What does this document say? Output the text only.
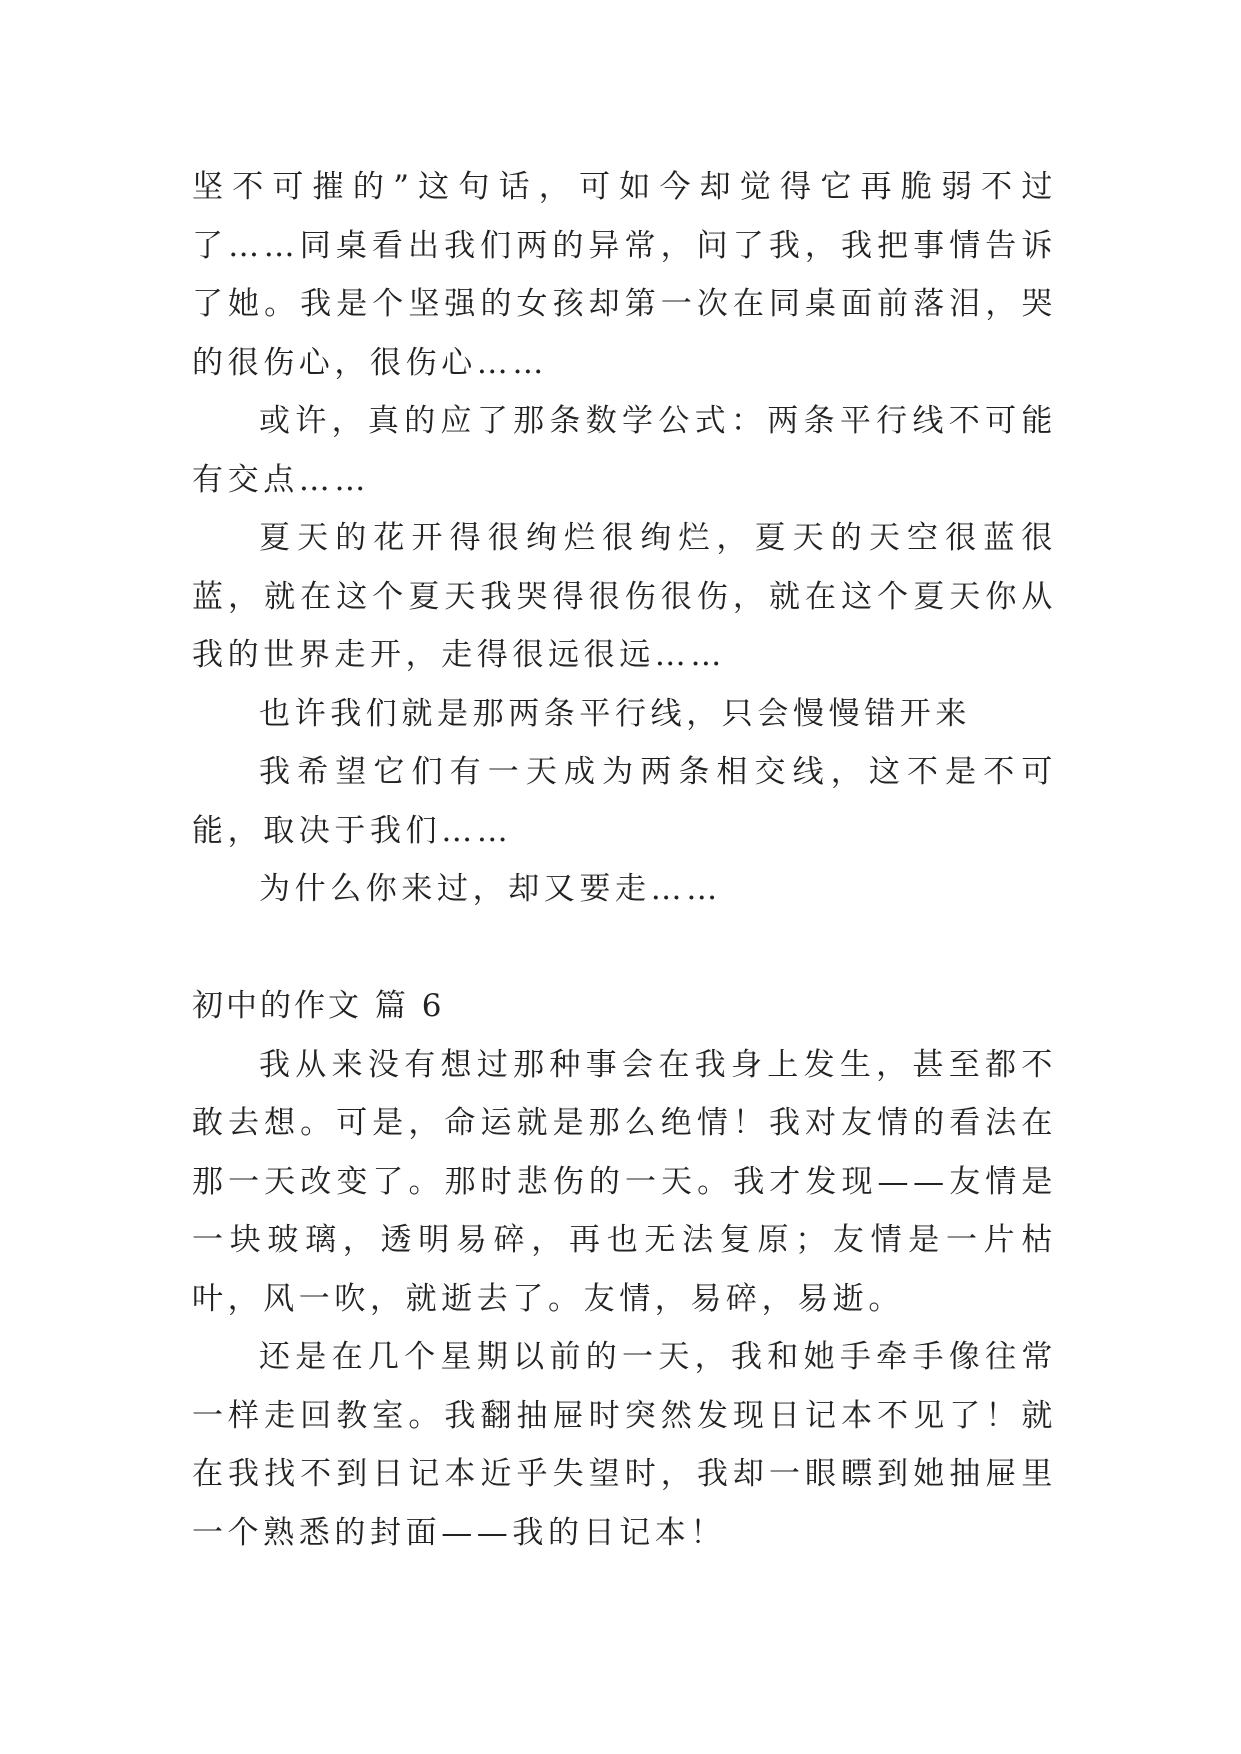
坚不可摧的”这句话，可如今却觉得它再脆弱不过了……同桌看出我们两的异常，问了我，我把事情告诉了她。我是个坚强的女孩却第一次在同桌面前落泪，哭的很伤心，很伤心……

或许，真的应了那条数学公式：两条平行线不可能有交点……

夏天的花开得很绚烂很绚烂，夏天的天空很蓝很蓝，就在这个夏天我哭得很伤很伤，就在这个夏天你从我的世界走开，走得很远很远……

也许我们就是那两条平行线，只会慢慢错开来

我希望它们有一天成为两条相交线，这不是不可能，取决于我们……

为什么你来过，却又要走……

初中的作文 篇 6

我从来没有想过那种事会在我身上发生，甚至都不敢去想。可是，命运就是那么绝情！我对友情的看法在那一天改变了。那时悲伤的一天。我才发现——友情是一块玻璃，透明易碎，再也无法复原；友情是一片枯叶，风一吹，就逝去了。友情，易碎，易逝。

还是在几个星期以前的一天，我和她手牵手像往常一样走回教室。我翻抽屉时突然发现日记本不见了！就在我找不到日记本近乎失望时，我却一眼瞟到她抽屉里一个熟悉的封面——我的日记本！
